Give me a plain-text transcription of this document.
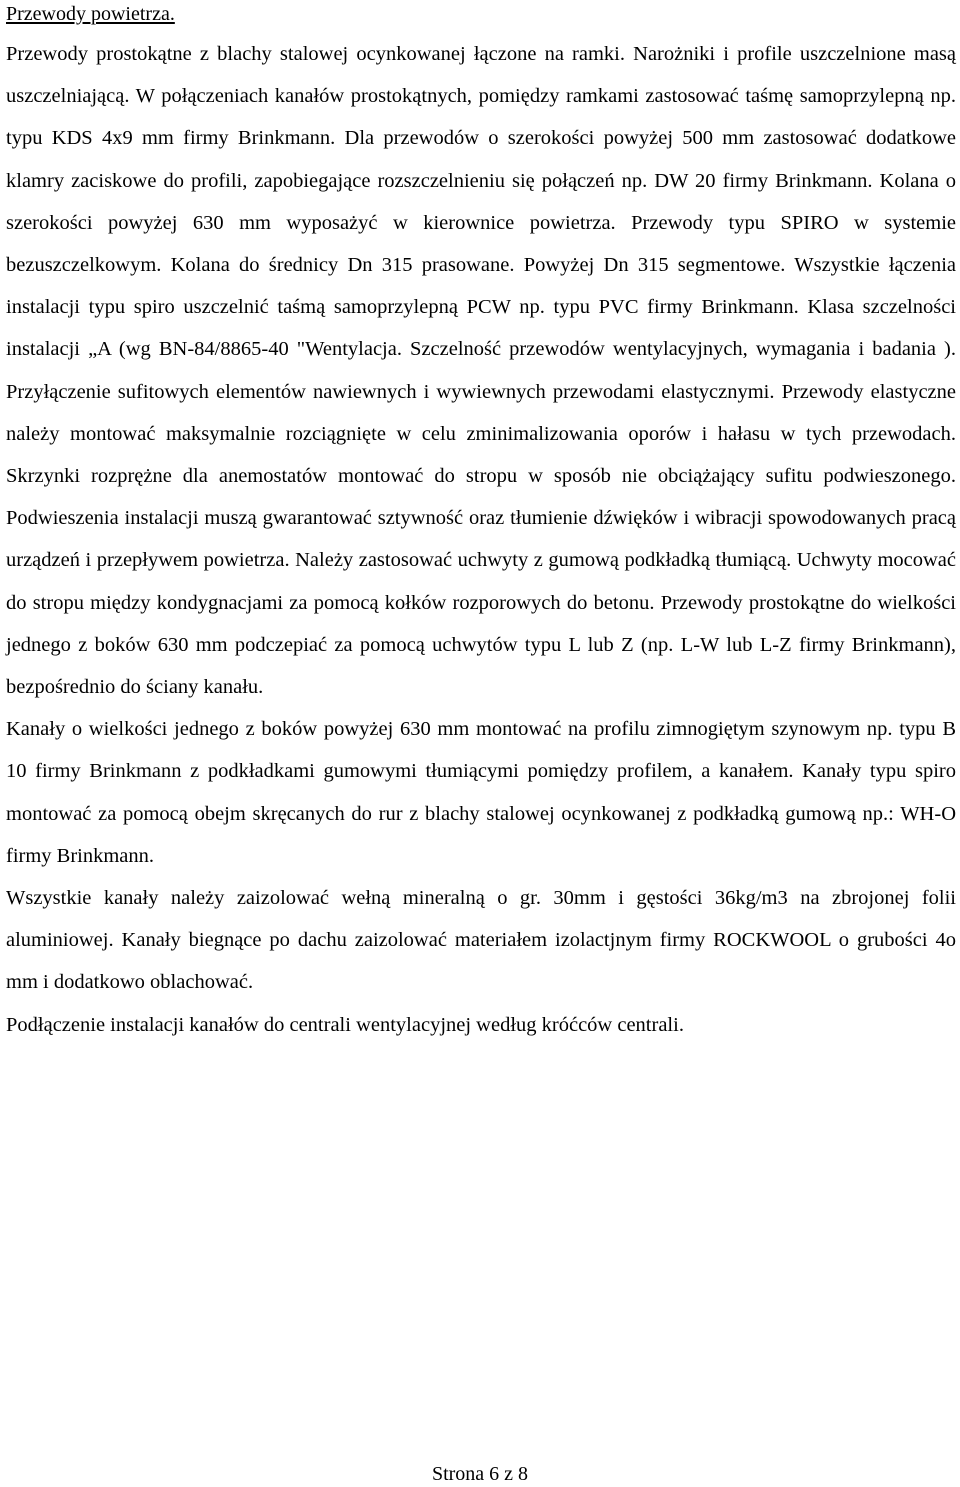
Przewody powietrza.

Przewody prostokątne z blachy stalowej ocynkowanej łączone na ramki. Narożniki i profile uszczelnione masą uszczelniającą. W połączeniach kanałów prostokątnych, pomiędzy ramkami zastosować taśmę samoprzylepną np. typu KDS 4x9 mm firmy Brinkmann. Dla przewodów o szerokości powyżej 500 mm zastosować dodatkowe klamry zaciskowe do profili, zapobiegające rozszczelnieniu się połączeń np. DW 20 firmy Brinkmann. Kolana o szerokości powyżej 630 mm wyposażyć w kierownice powietrza. Przewody typu SPIRO w systemie bezuszczelkowym. Kolana do średnicy Dn 315 prasowane. Powyżej Dn 315 segmentowe. Wszystkie łączenia instalacji typu spiro uszczelnić taśmą samoprzylepną PCW np. typu PVC firmy Brinkmann. Klasa szczelności instalacji „A (wg BN-84/8865-40 "Wentylacja. Szczelność przewodów wentylacyjnych, wymagania i badania ). Przyłączenie sufitowych elementów nawiewnych i wywiewnych przewodami elastycznymi. Przewody elastyczne należy montować maksymalnie rozciągnięte w celu zminimalizowania oporów i hałasu w tych przewodach. Skrzynki rozprężne dla anemostatów montować do stropu w sposób nie obciążający sufitu podwieszonego. Podwieszenia instalacji muszą gwarantować sztywność oraz tłumienie dźwięków i wibracji spowodowanych pracą urządzeń i przepływem powietrza. Należy zastosować uchwyty z gumową podkładką tłumiącą. Uchwyty mocować do stropu między kondygnacjami za pomocą kołków rozporowych do betonu. Przewody prostokątne do wielkości jednego z boków 630 mm podczepiać za pomocą uchwytów typu L lub Z (np. L-W lub L-Z firmy Brinkmann), bezpośrednio do ściany kanału.

Kanały o wielkości jednego z boków powyżej 630 mm montować na profilu zimnogiętym szynowym np. typu B 10 firmy Brinkmann z podkładkami gumowymi tłumiącymi pomiędzy profilem, a kanałem. Kanały typu spiro montować za pomocą obejm skręcanych do rur z blachy stalowej ocynkowanej z podkładką gumową np.: WH-O firmy Brinkmann.

Wszystkie kanały należy zaizolować wełną mineralną o gr. 30mm i gęstości 36kg/m3 na zbrojonej folii aluminiowej. Kanały biegnące po dachu zaizolować materiałem izolactjnym firmy ROCKWOOL o grubości 4o mm i dodatkowo oblachować.

Podłączenie instalacji kanałów do centrali wentylacyjnej według króćców centrali.

Strona 6 z 8
